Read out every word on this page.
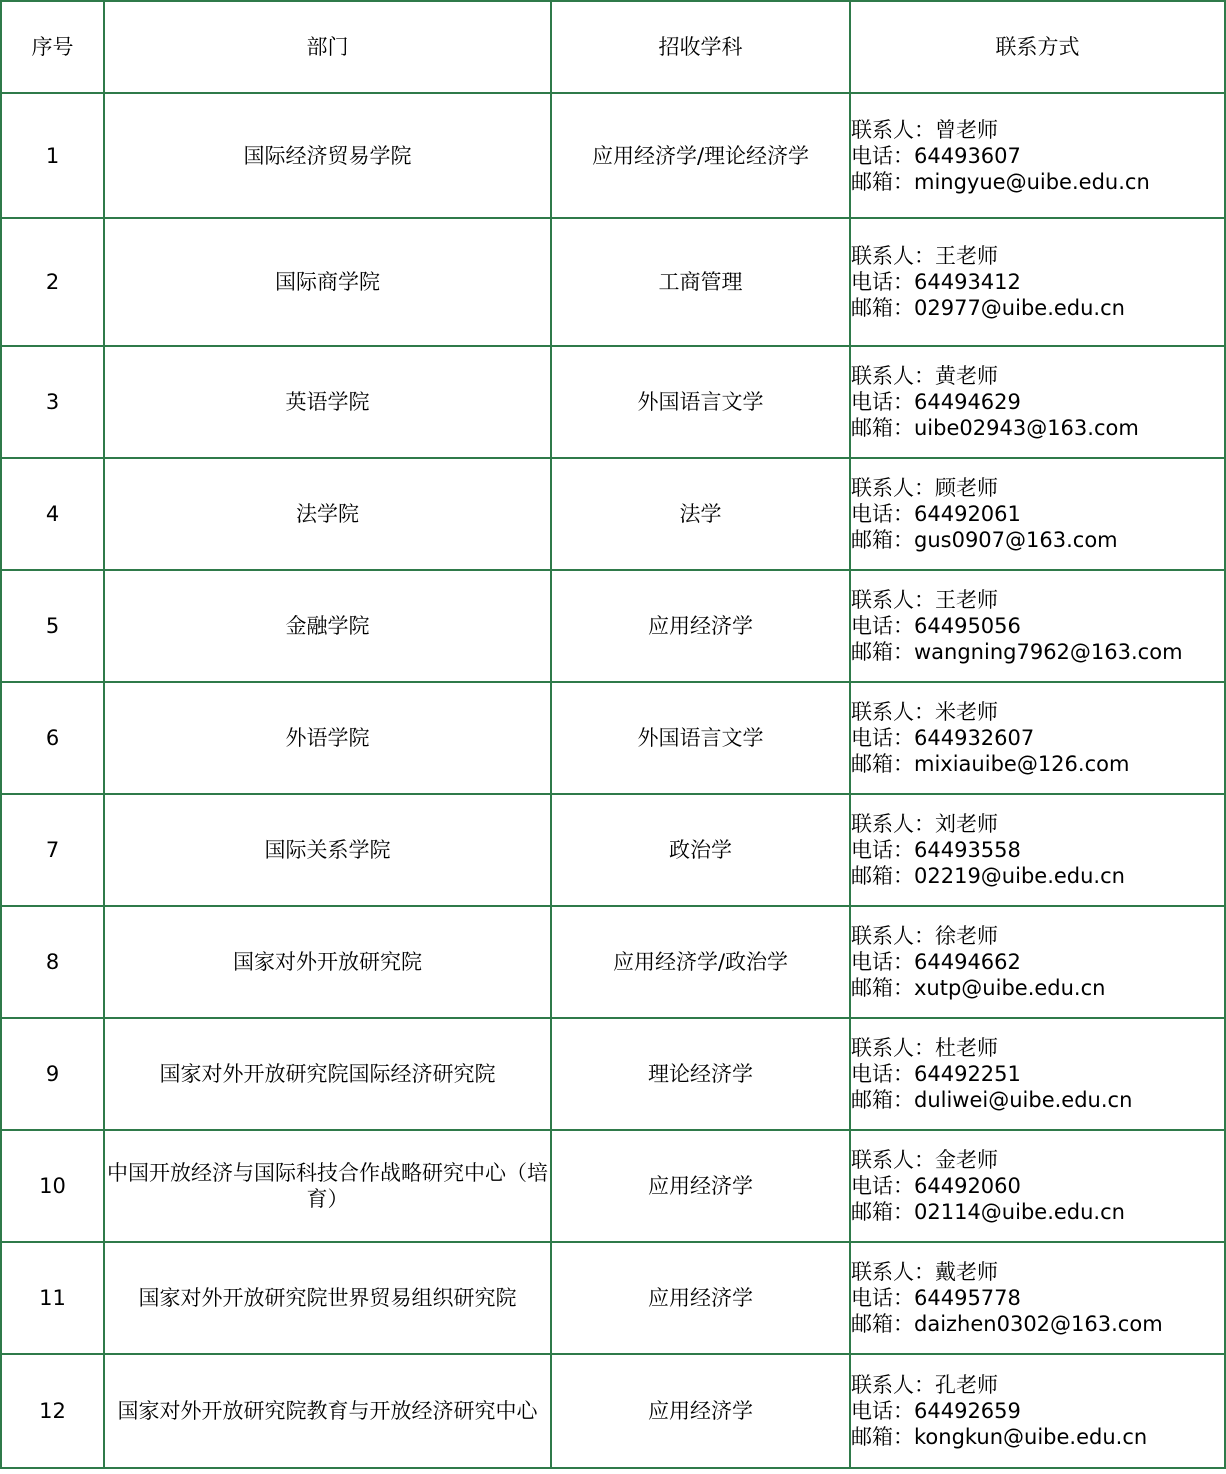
序号	部门	招收学科	联系方式
1	国际经济贸易学院	应用经济学/理论经济学	联系人：曾老师
电话：64493607
邮箱：mingyue@uibe.edu.cn

2	国际商学院	工商管理	联系人：王老师
电话：64493412
邮箱：02977@uibe.edu.cn

3	英语学院	外国语言文学	联系人：黄老师
电话：64494629
邮箱：uibe02943@163.com

4	法学院	法学	联系人：顾老师
电话：64492061
邮箱：gus0907@163.com

5	金融学院	应用经济学	联系人：王老师
电话：64495056
邮箱：wangning7962@163.com

6	外语学院	外国语言文学	联系人：米老师
电话：644932607
邮箱：mixiauibe@126.com

7	国际关系学院	政治学	联系人：刘老师
电话：64493558
邮箱：02219@uibe.edu.cn

8	国家对外开放研究院	应用经济学/政治学	联系人：徐老师
电话：64494662
邮箱：xutp@uibe.edu.cn

9	国家对外开放研究院国际经济研究院	理论经济学	联系人：杜老师
电话：64492251
邮箱：duliwei@uibe.edu.cn

10	中国开放经济与国际科技合作战略研究中心（培育）	应用经济学	联系人：金老师
电话：64492060
邮箱：02114@uibe.edu.cn

11	国家对外开放研究院世界贸易组织研究院	应用经济学	联系人：戴老师
电话：64495778
邮箱：daizhen0302@163.com

12	国家对外开放研究院教育与开放经济研究中心	应用经济学	联系人：孔老师
电话：64492659
邮箱：kongkun@uibe.edu.cn
